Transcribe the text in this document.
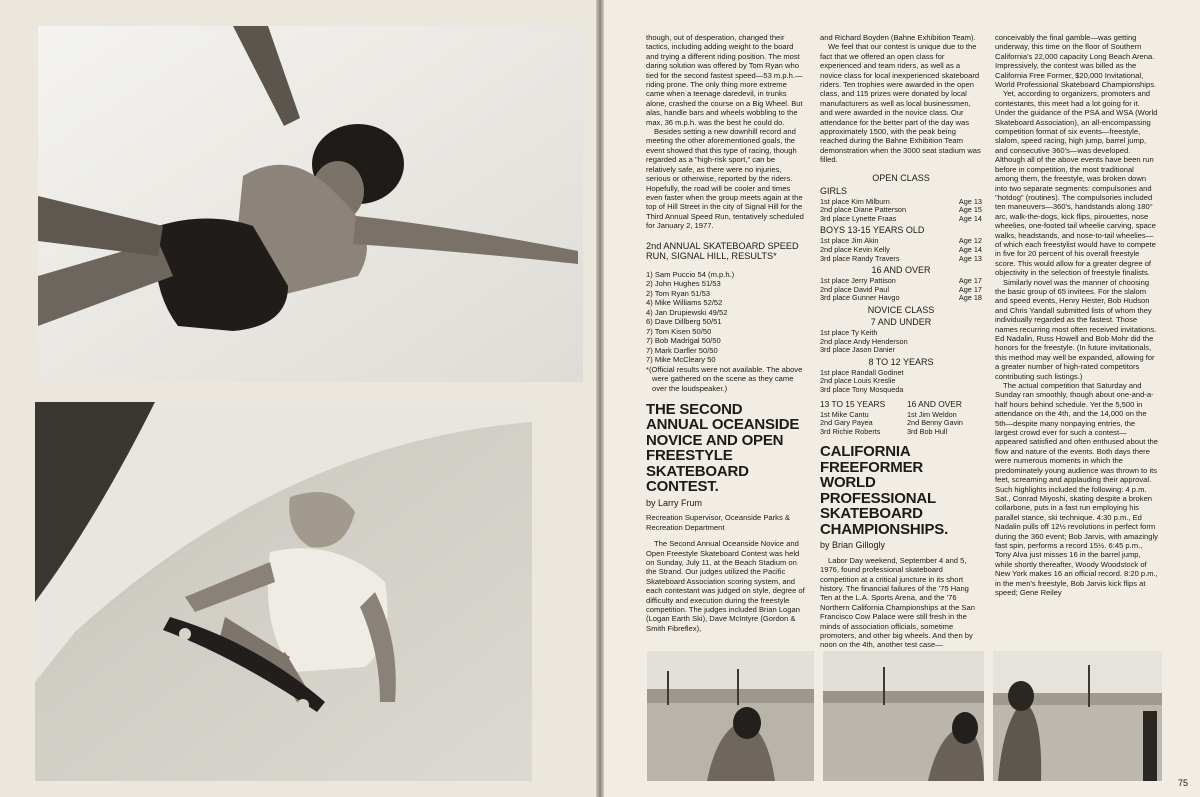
though, out of desperation, changed their tactics, including adding weight to the board and trying a different riding position. The most daring solution was offered by Tom Ryan who tied for the second fastest speed—53 m.p.h.—riding prone. The only thing more extreme came when a teenage daredevil, in trunks alone, crashed the course on a Big Wheel. But alas, handle bars and wheels wobbling to the max, 36 m.p.h. was the best he could do.

Besides setting a new downhill record and meeting the other aforementioned goals, the event showed that this type of racing, though regarded as a "high-risk sport," can be relatively safe, as there were no injuries, serious or otherwise, reported by the riders. Hopefully, the road will be cooler and times even faster when the group meets again at the top of Hill Street in the city of Signal Hill for the Third Annual Speed Run, tentatively scheduled for January 2, 1977.

2nd ANNUAL SKATEBOARD SPEED RUN, SIGNAL HILL, RESULTS*
1) Sam Puccio 54 (m.p.h.)
2) John Hughes 51/53
2) Tom Ryan 51/53
4) Mike Williams 52/52
4) Jan Drupiewski 49/52
6) Dave Dillberg 50/51
7) Tom Kisen 50/50
7) Bob Madrigal 50/50
7) Mark Darfler 50/50
7) Mike McCleary 50
*(Official results were not available. The above were gathered on the scene as they came over the loudspeaker.)
THE SECOND ANNUAL OCEANSIDE NOVICE AND OPEN FREESTYLE SKATEBOARD CONTEST.
by Larry Frum
Recreation Supervisor, Oceanside Parks & Recreation Department

The Second Annual Oceanside Novice and Open Freestyle Skateboard Contest was held on Sunday, July 11, at the Beach Stadium on the Strand. Our judges utilized the Pacific Skateboard Association scoring system, and each contestant was judged on style, degree of difficulty and execution during the freestyle competition. The judges included Brian Logan (Logan Earth Ski), Dave McIntyre (Gordon & Smith Fibreflex),

and Richard Boyden (Bahne Exhibition Team).

We feel that our contest is unique due to the fact that we offered an open class for experienced and team riders, as well as a novice class for local inexperienced skateboard riders. Ten trophies were awarded in the open class, and 115 prizes were donated by local manufacturers as well as local businessmen, and were awarded in the novice class. Our attendance for the better part of the day was approximately 1500, with the peak being reached during the Bahne Exhibition Team demonstration when the 3000 seat stadium was filled.

OPEN CLASS
GIRLS
1st place Kim Milburn	Age 13
2nd place Diane Patterson	Age 15
3rd place Lynette Fraas	Age 14
BOYS 13-15 YEARS OLD
1st place Jim Akin	Age 12
2nd place Kevin Kelly	Age 14
3rd place Randy Travers	Age 13
16 AND OVER
1st place Jerry Pattison	Age 17
2nd place David Paul	Age 17
3rd place Gunner Havgo	Age 18
NOVICE CLASS
7 AND UNDER
1st place Ty Keith
2nd place Andy Henderson
3rd place Jason Danier
8 TO 12 YEARS
1st place Randall Godinet
2nd place Louis Kreslie
3rd place Tony Mosqueda
13 TO 15 YEARS
1st Mike Cantu
2nd Gary Payea
3rd Richie Roberts
16 AND OVER
1st Jim Weldon
2nd Benny Gavin
3rd Bob Hull
CALIFORNIA FREEFORMER WORLD PROFESSIONAL SKATEBOARD CHAMPIONSHIPS.
by Brian Gillogly

Labor Day weekend, September 4 and 5, 1976, found professional skateboard competition at a critical juncture in its short history. The financial failures of the '75 Hang Ten at the L.A. Sports Arena, and the '76 Northern California Championships at the San Francisco Cow Palace were still fresh in the minds of association officials, sometime promoters, and other big wheels. And then by noon on the 4th, another test case—

conceivably the final gamble—was getting underway, this time on the floor of Southern California's 22,000 capacity Long Beach Arena. Impressively, the contest was billed as the California Free Former, $20,000 Invitational, World Professional Skateboard Championships.

Yet, according to organizers, promoters and contestants, this meet had a lot going for it. Under the guidance of the PSA and WSA (World Skateboard Association), an all-encompassing competition format of six events—freestyle, slalom, speed racing, high jump, barrel jump, and consecutive 360's—was developed. Although all of the above events have been run before in competition, the most traditional among them, the freestyle, was broken down into two separate segments: compulsories and "hotdog" (routines). The compulsories included ten maneuvers—360's, handstands along 180° arc, walk-the-dogs, kick flips, pirouettes, nose wheelies, one-footed tail wheelie carving, space walks, headstands, and nose-to-tail wheelies—of which each freestylist would have to compete in five for 20 percent of his overall freestyle score. This would allow for a greater degree of objectivity in the selection of freestyle finalists.

Similarly novel was the manner of choosing the basic group of 65 invitees. For the slalom and speed events, Henry Hester, Bob Hudson and Chris Yandall submitted lists of whom they individually regarded as the fastest. Those names recurring most often received invitations. Ed Nadalin, Russ Howell and Bob Mohr did the honors for the freestyle. (In future invitationals, this method may well be expanded, allowing for a greater number of high-rated competitors contributing such listings.)

The actual competition that Saturday and Sunday ran smoothly, though about one-and-a-half hours behind schedule. Yet the 5,500 in attendance on the 4th, and the 14,000 on the 5th—despite many nonpaying entries, the largest crowd ever for such a contest—appeared satisfied and often enthused about the flow and nature of the events. Both days there were numerous moments in which the predominately young audience was thrown to its feet, screaming and applauding their approval. Such highlights included the following: 4 p.m. Sat., Conrad Miyoshi, skating despite a broken collarbone, puts in a fast run employing his parallel stance, ski technique. 4:30 p.m., Ed Nadalin pulls off 12½ revolutions in perfect form during the 360 event; Bob Jarvis, with amazingly fast spin, performs a record 15½. 6:45 p.m., Tony Alva just misses 16 in the barrel jump, while shortly thereafter, Woody Woodstock of New York makes 16 an official record. 8:20 p.m., in the men's freestyle, Bob Jarvis kick flips at speed; Gene Reiley

75
